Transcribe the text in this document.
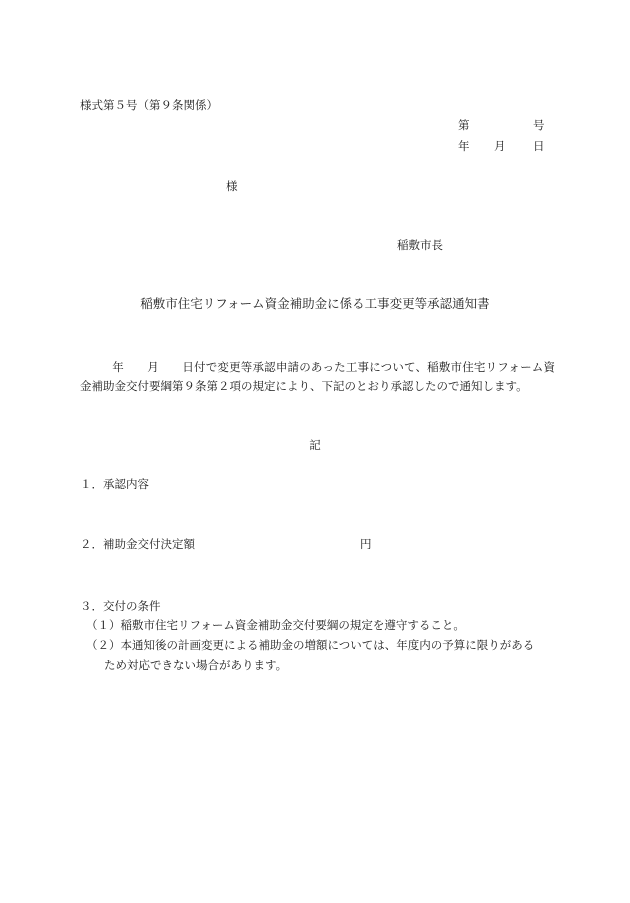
様式第５号（第９条関係）
第	号
年 月 日
様
稲敷市長
稲敷市住宅リフォーム資金補助金に係る工事変更等承認通知書
年　　月　　日付で変更等承認申請のあった工事について、稲敷市住宅リフォーム資金補助金交付要綱第９条第２項の規定により、下記のとおり承認したので通知します。
記
１．承認内容
２．補助金交付決定額	円
３．交付の条件
（１）稲敷市住宅リフォーム資金補助金交付要綱の規定を遵守すること。
（２）本通知後の計画変更による補助金の増額については、年度内の予算に限りがある
ため対応できない場合があります。
